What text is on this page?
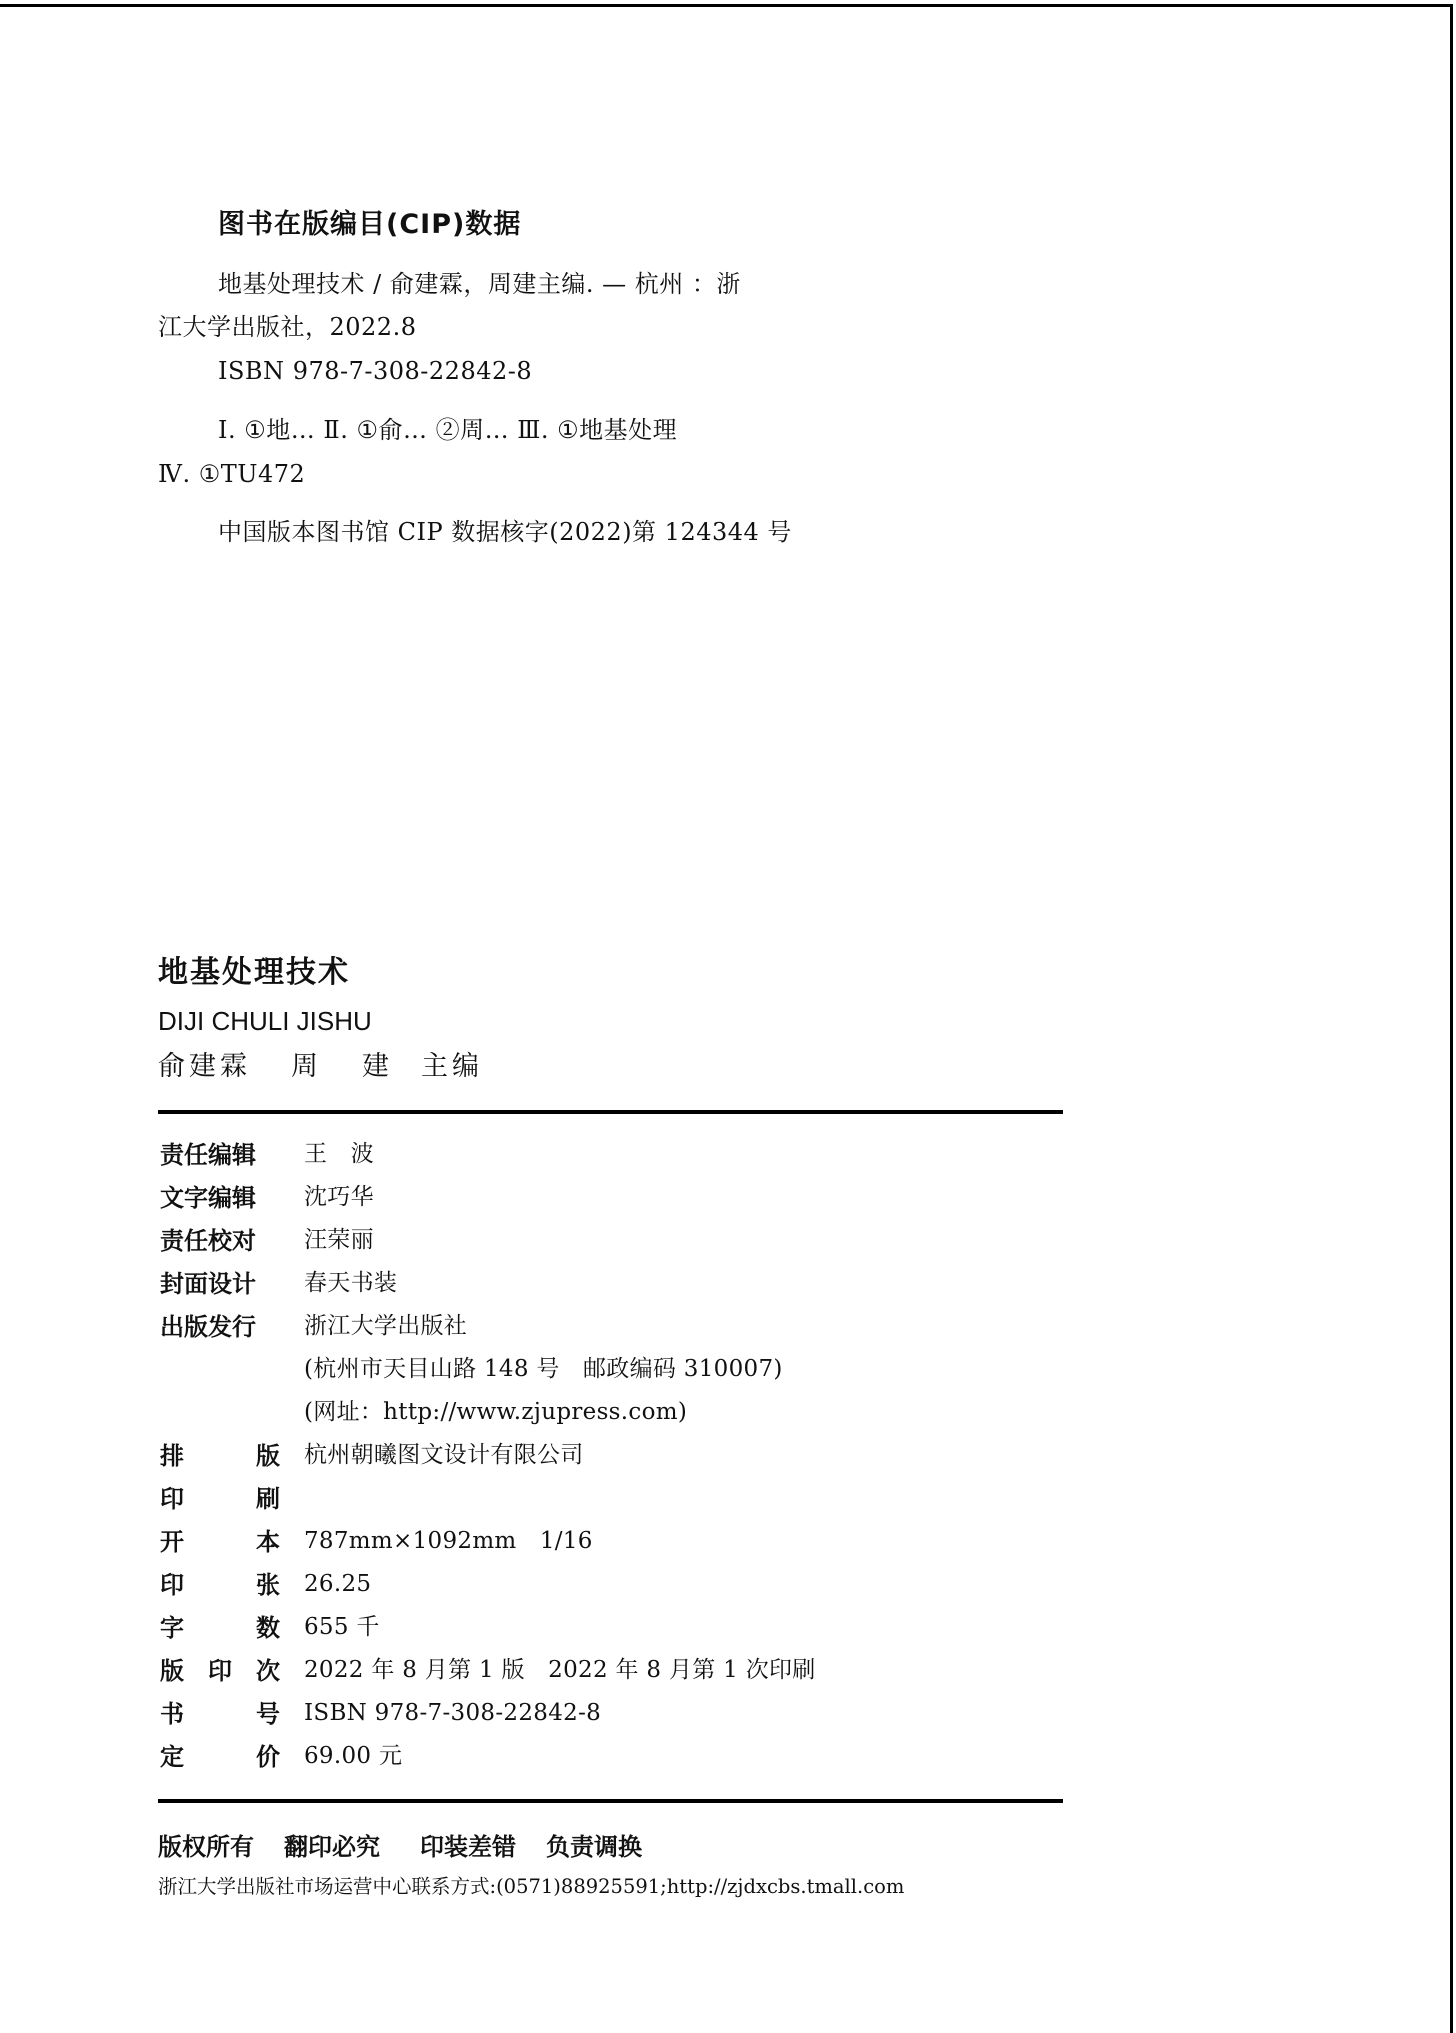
图书在版编目(CIP)数据
地基处理技术 / 俞建霖，周建主编. — 杭州 ：浙
江大学出版社，2022.8
ISBN 978-7-308-22842-8
Ⅰ. ①地… Ⅱ. ①俞… ②周… Ⅲ. ①地基处理
Ⅳ. ①TU472
中国版本图书馆 CIP 数据核字(2022)第 124344 号
地基处理技术
DIJI CHULI JISHU
俞建霖 周 建 主编
责任编辑 王　波
文字编辑 沈巧华
责任校对 汪荣丽
封面设计 春天书装
出版发行 浙江大学出版社
(杭州市天目山路 148 号　邮政编码 310007)
(网址：http://www.zjupress.com)
排	版 杭州朝曦图文设计有限公司
印	刷
开	本 787mm×1092mm　1/16
印	张 26.25
字	数 655 千
版 印 次 2022 年 8 月第 1 版　2022 年 8 月第 1 次印刷
书	号 ISBN 978-7-308-22842-8
定	价 69.00 元
版权所有 翻印必究 印装差错 负责调换
浙江大学出版社市场运营中心联系方式:(0571)88925591;http://zjdxcbs.tmall.com
